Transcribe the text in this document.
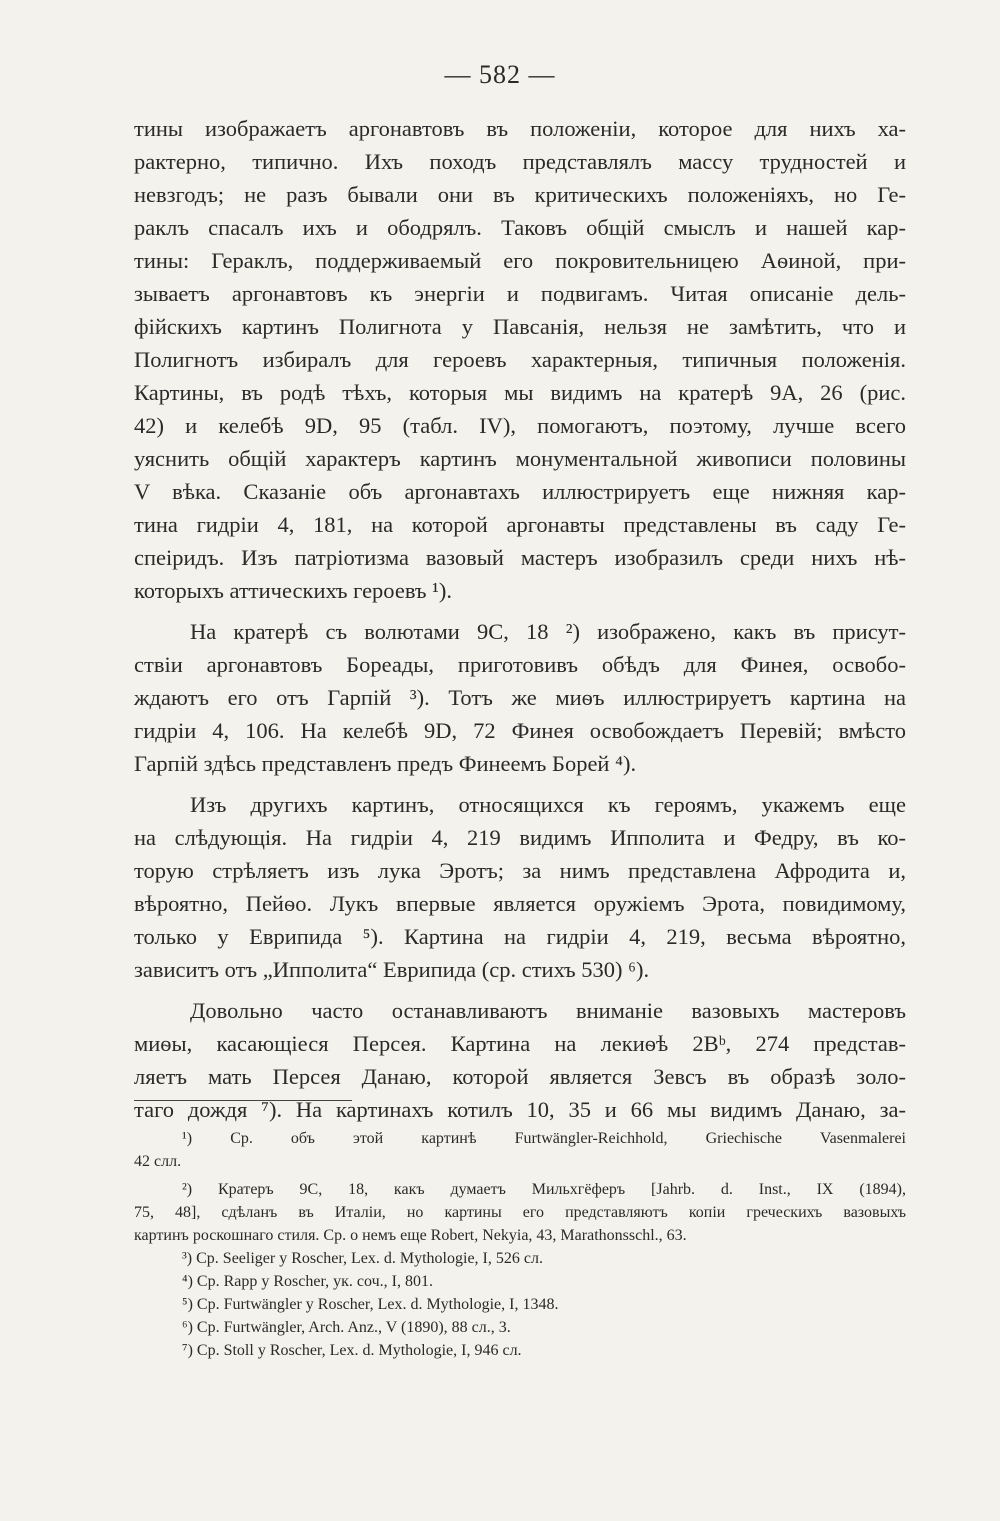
— 582 —
тины изображаетъ аргонавтовъ въ положеніи, которое для нихъ ха-
рактерно, типично. Ихъ походъ представлялъ массу трудностей и
невзгодъ; не разъ бывали они въ критическихъ положеніяхъ, но Ге-
раклъ спасалъ ихъ и ободрялъ. Таковъ общій смыслъ и нашей кар-
тины: Гераклъ, поддерживаемый его покровительницею Аѳиной, при-
зываетъ аргонавтовъ къ энергіи и подвигамъ. Читая описаніе дель-
фійскихъ картинъ Полигнота у Павсанія, нельзя не замѣтить, что и
Полигнотъ избиралъ для героевъ характерныя, типичныя положенія.
Картины, въ родѣ тѣхъ, которыя мы видимъ на кратерѣ 9A, 26 (рис.
42) и келебѣ 9D, 95 (табл. IV), помогаютъ, поэтому, лучше всего
уяснить общій характеръ картинъ монументальной живописи половины
V вѣка. Сказаніе объ аргонавтахъ иллюстрируетъ еще нижняя кар-
тина гидріи 4, 181, на которой аргонавты представлены въ саду Ге-
спеіридъ. Изъ патріотизма вазовый мастеръ изобразилъ среди нихъ нѣ-
которыхъ аттическихъ героевъ ¹).
На кратерѣ съ волютами 9C, 18 ²) изображено, какъ въ присут-
ствіи аргонавтовъ Бореады, приготовивъ обѣдъ для Финея, освобо-
ждаютъ его отъ Гарпій ³). Тотъ же миѳъ иллюстрируетъ картина на
гидріи 4, 106. На келебѣ 9D, 72 Финея освобождаетъ Перевій; вмѣсто
Гарпій здѣсь представленъ предъ Финеемъ Борей ⁴).
Изъ другихъ картинъ, относящихся къ героямъ, укажемъ еще
на слѣдующія. На гидріи 4, 219 видимъ Ипполита и Федру, въ ко-
торую стрѣляетъ изъ лука Эротъ; за нимъ представлена Афродита и,
вѣроятно, Пейѳо. Лукъ впервые является оружіемъ Эрота, повидимому,
только у Еврипида ⁵). Картина на гидріи 4, 219, весьма вѣроятно,
зависитъ отъ „Ипполита“ Еврипида (ср. стихъ 530) ⁶).
Довольно часто останавливаютъ вниманіе вазовыхъ мастеровъ
миѳы, касающіеся Персея. Картина на лекиѳѣ 2Bᵇ, 274 представ-
ляетъ мать Персея Данаю, которой является Зевсъ въ образѣ золо-
таго дождя ⁷). На картинахъ котилъ 10, 35 и 66 мы видимъ Данаю, за-
¹) Ср. объ этой картинѣ Furtwängler-Reichhold, Griechische Vasenmalerei
42 слл.
²) Кратеръ 9C, 18, какъ думаетъ Мильхгёферъ [Jahrb. d. Inst., IX (1894),
75, 48], сдѣланъ въ Италіи, но картины его представляютъ копіи греческихъ вазовыхъ
картинъ роскошнаго стиля. Ср. о немъ еще Robert, Nekyia, 43, Marathonsschl., 63.
³) Ср. Seeliger y Roscher, Lex. d. Mythologie, I, 526 сл.
⁴) Ср. Rapp y Roscher, ук. соч., I, 801.
⁵) Ср. Furtwängler y Roscher, Lex. d. Mythologie, I, 1348.
⁶) Ср. Furtwängler, Arch. Anz., V (1890), 88 сл., 3.
⁷) Ср. Stoll y Roscher, Lex. d. Mythologie, I, 946 сл.
